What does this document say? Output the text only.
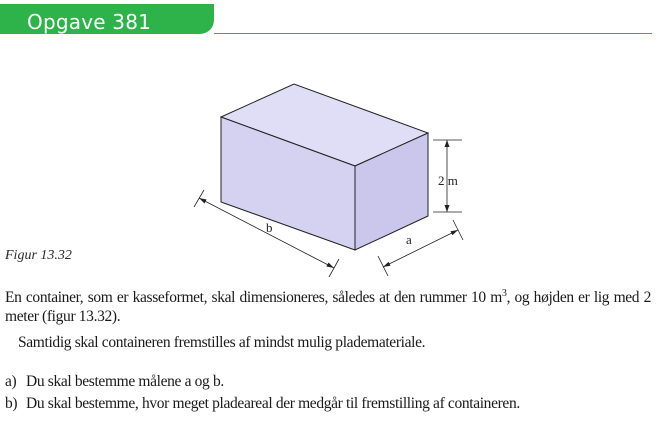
Opgave 381
2 m
b
a

Figur 13.32

En container, som er kasseformet, skal dimensioneres, således at den rummer 10 $m^3$, og højden er lig med 2 meter (figur 13.32).

Samtidig skal containeren fremstilles af mindst mulig plademateriale.

a) Du skal bestemme målene a og b.

b) Du skal bestemme, hvor meget pladeareal der medgår til fremstilling af containeren.
